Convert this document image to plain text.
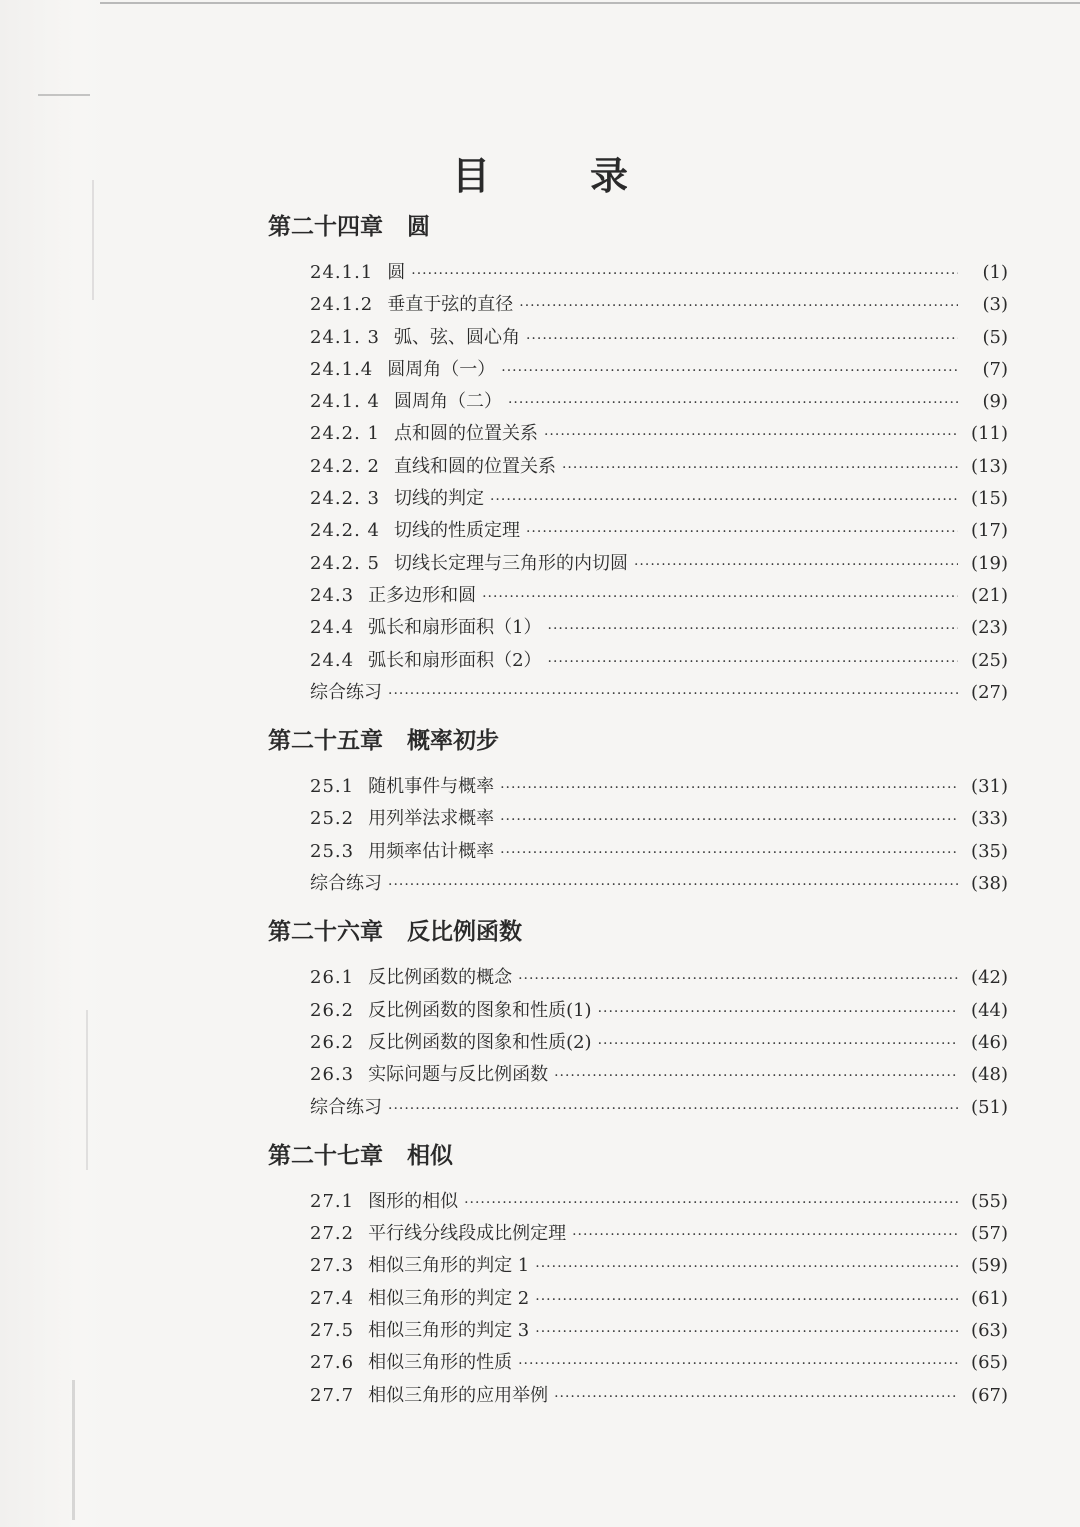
目	录
第二十四章 圆
24.1.1 圆 ·····	(1)
24.1.2 垂直于弦的直径 ·····	(3)
24.1. 3 弧、弦、圆心角 ·····	(5)
24.1.4 圆周角（一） ·····	(7)
24.1. 4 圆周角（二） ·····	(9)
24.2. 1 点和圆的位置关系 ·····	(11)
24.2. 2 直线和圆的位置关系 ·····	(13)
24.2. 3 切线的判定 ·····	(15)
24.2. 4 切线的性质定理 ·····	(17)
24.2. 5 切线长定理与三角形的内切圆 ·····	(19)
24.3 正多边形和圆 ·····	(21)
24.4 弧长和扇形面积（1） ·····	(23)
24.4 弧长和扇形面积（2） ·····	(25)
综合练习 ·····	(27)
第二十五章 概率初步
25.1 随机事件与概率 ·····	(31)
25.2 用列举法求概率 ·····	(33)
25.3 用频率估计概率 ·····	(35)
综合练习 ·····	(38)
第二十六章 反比例函数
26.1 反比例函数的概念 ·····	(42)
26.2 反比例函数的图象和性质(1) ·····	(44)
26.2 反比例函数的图象和性质(2) ·····	(46)
26.3 实际问题与反比例函数 ·····	(48)
综合练习 ·····	(51)
第二十七章 相似
27.1 图形的相似 ·····	(55)
27.2 平行线分线段成比例定理 ·····	(57)
27.3 相似三角形的判定 1 ·····	(59)
27.4 相似三角形的判定 2 ·····	(61)
27.5 相似三角形的判定 3 ·····	(63)
27.6 相似三角形的性质 ·····	(65)
27.7 相似三角形的应用举例 ·····	(67)
